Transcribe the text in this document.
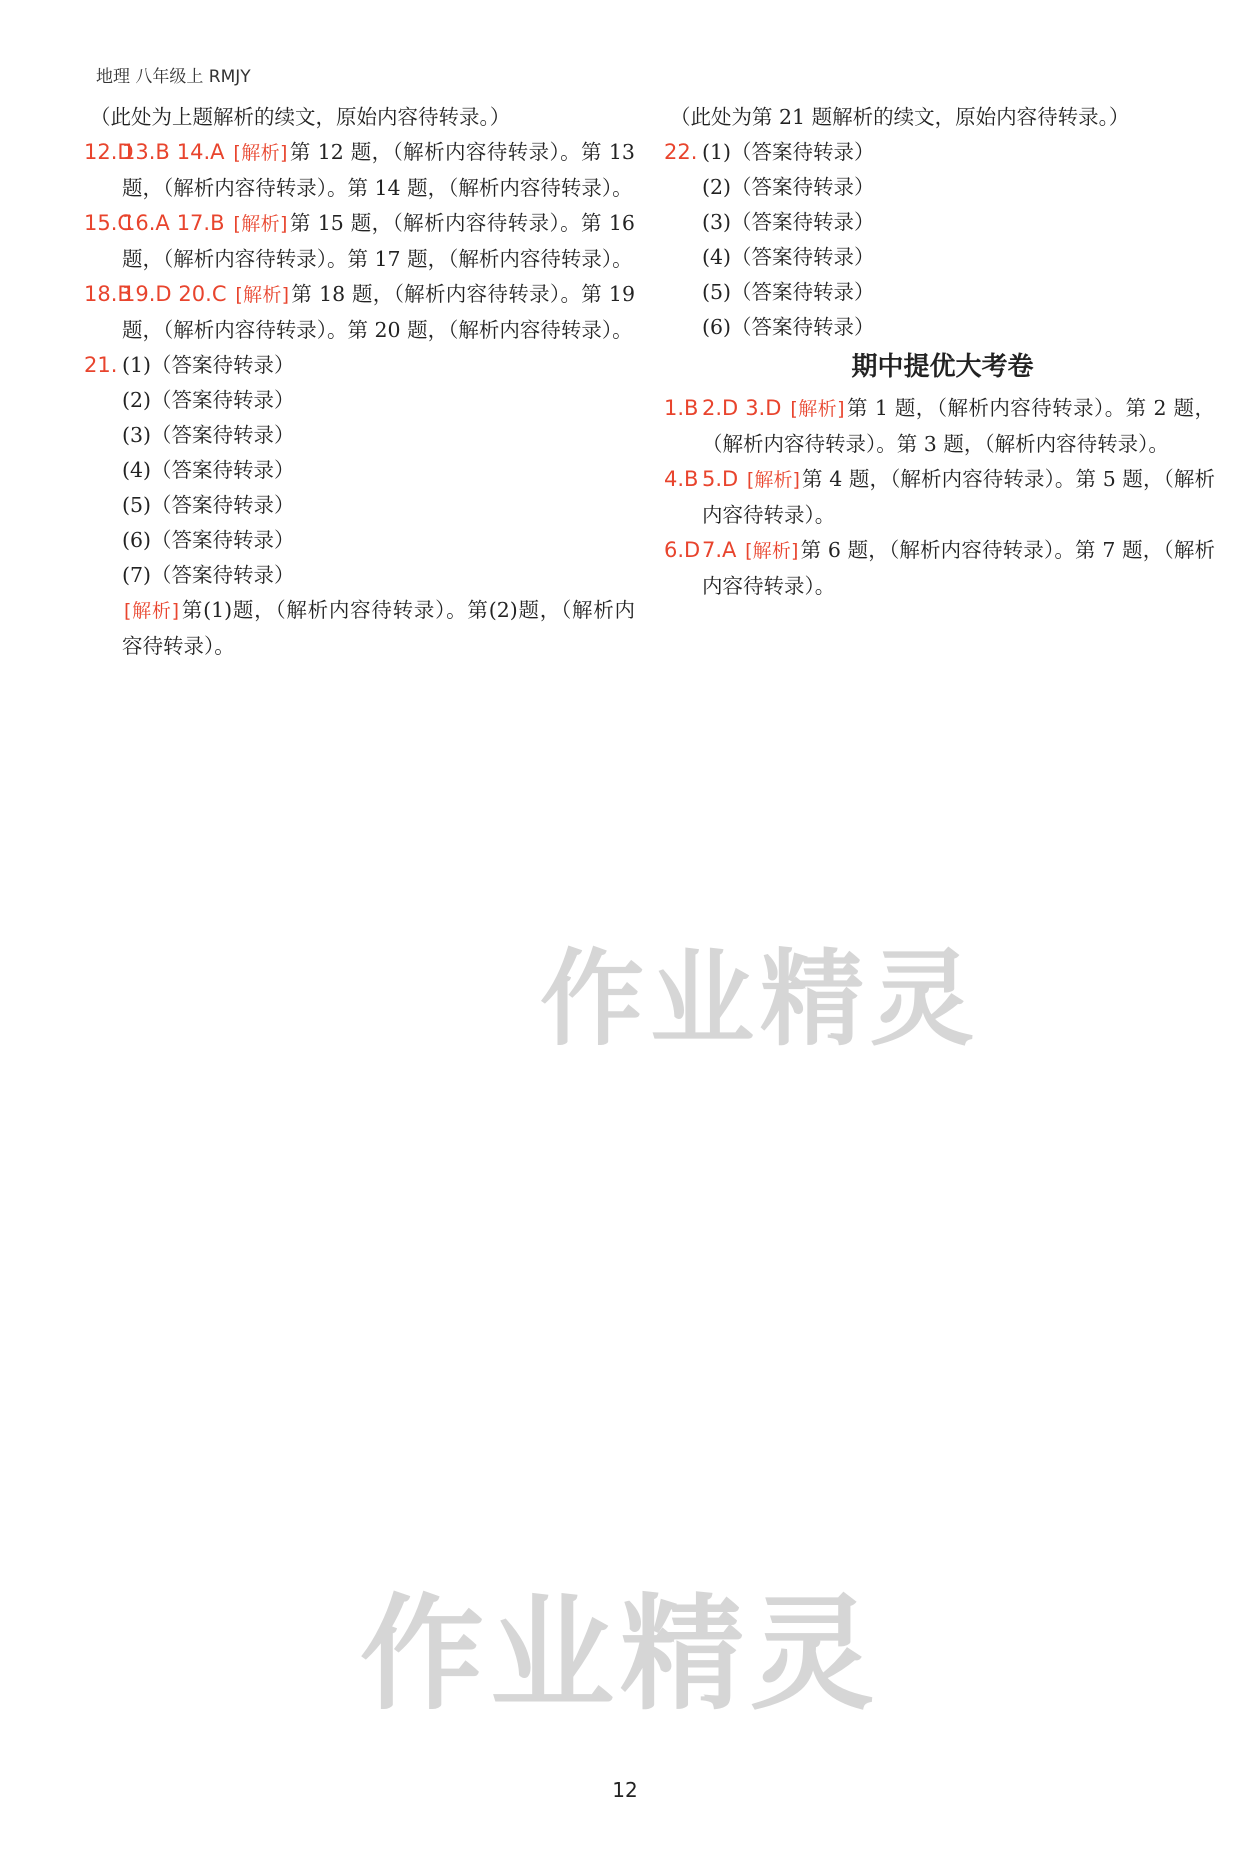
地理 八年级上 RMJY

（此处为上题解析的续文，原始内容待转录。）

12.D
13.B 14.A [解析]第 12 题，（解析内容待转录）。第 13 题，（解析内容待转录）。第 14 题，（解析内容待转录）。

15.C
16.A 17.B [解析]第 15 题，（解析内容待转录）。第 16 题，（解析内容待转录）。第 17 题，（解析内容待转录）。

18.B
19.D 20.C [解析]第 18 题，（解析内容待转录）。第 19 题，（解析内容待转录）。第 20 题，（解析内容待转录）。

21. (1)（答案待转录）

(2)（答案待转录）

(3)（答案待转录）

(4)（答案待转录）

(5)（答案待转录）

(6)（答案待转录）

(7)（答案待转录）

[解析]第(1)题，（解析内容待转录）。第(2)题，（解析内容待转录）。

（此处为第 21 题解析的续文，原始内容待转录。）

22. (1)（答案待转录）

(2)（答案待转录）

(3)（答案待转录）

(4)（答案待转录）

(5)（答案待转录）

(6)（答案待转录）

期中提优大考卷

1.B 2.D 3.D [解析]第 1 题，（解析内容待转录）。第 2 题，（解析内容待转录）。第 3 题，（解析内容待转录）。

4.B 5.D [解析]第 4 题，（解析内容待转录）。第 5 题，（解析内容待转录）。

6.D 7.A [解析]第 6 题，（解析内容待转录）。第 7 题，（解析内容待转录）。

作业精灵
作业精灵
12
